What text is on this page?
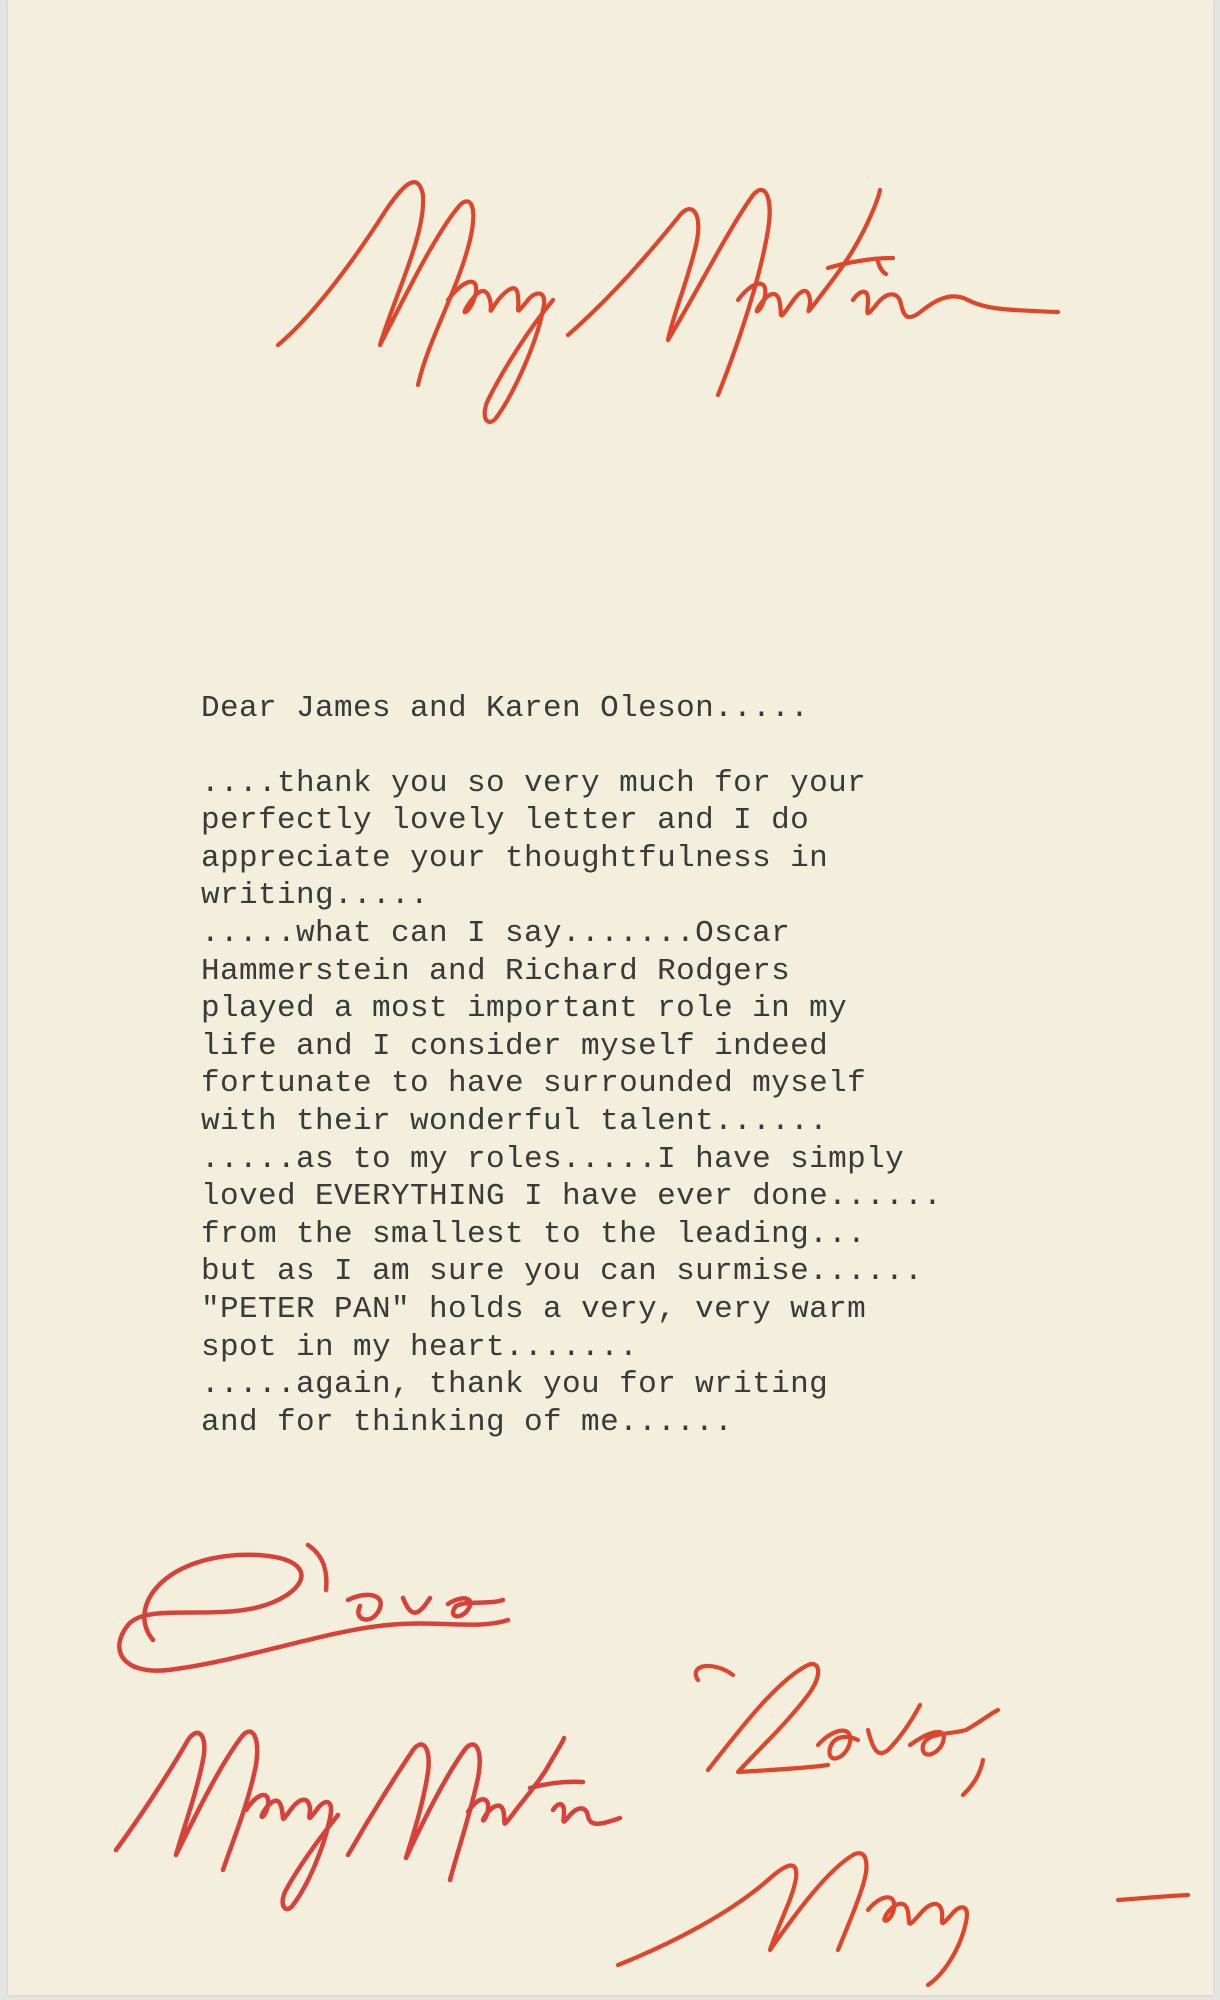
Dear James and Karen Oleson.....
....thank you so very much for your
perfectly lovely letter and I do
appreciate your thoughtfulness in
writing.....
.....what can I say.......Oscar
Hammerstein and Richard Rodgers
played a most important role in my
life and I consider myself indeed
fortunate to have surrounded myself
with their wonderful talent......
.....as to my roles.....I have simply
loved EVERYTHING I have ever done......
from the smallest to the leading...
but as I am sure you can surmise......
"PETER PAN" holds a very, very warm
spot in my heart.......
.....again, thank you for writing
and for thinking of me......
